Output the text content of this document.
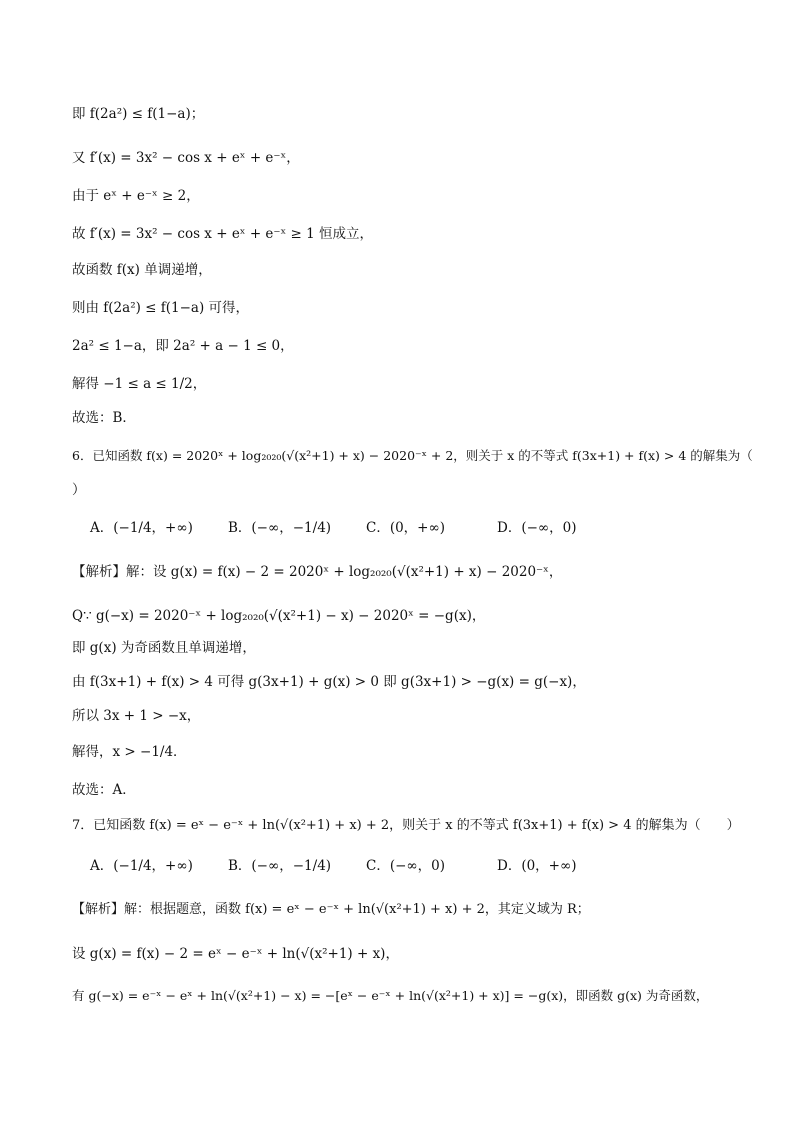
即 f(2a²) ≤ f(1−a)；
又 f′(x) = 3x² − cos x + eˣ + e⁻ˣ，
由于 eˣ + e⁻ˣ ≥ 2，
故 f′(x) = 3x² − cos x + eˣ + e⁻ˣ ≥ 1 恒成立，
故函数 f(x) 单调递增，
则由 f(2a²) ≤ f(1−a) 可得，
2a² ≤ 1−a，即 2a² + a − 1 ≤ 0，
解得 −1 ≤ a ≤ 1/2，
故选：B．
6．已知函数 f(x) = 2020ˣ + log₂₀₂₀(√(x²+1) + x) − 2020⁻ˣ + 2，则关于 x 的不等式 f(3x+1) + f(x) > 4 的解集为（
）
A．(−1/4，+∞)	B．(−∞，−1/4)	C．(0，+∞)	D．(−∞，0)
【解析】解：设 g(x) = f(x) − 2 = 2020ˣ + log₂₀₂₀(√(x²+1) + x) − 2020⁻ˣ，
Q∵ g(−x) = 2020⁻ˣ + log₂₀₂₀(√(x²+1) − x) − 2020ˣ = −g(x)，
即 g(x) 为奇函数且单调递增，
由 f(3x+1) + f(x) > 4 可得 g(3x+1) + g(x) > 0 即 g(3x+1) > −g(x) = g(−x)，
所以 3x + 1 > −x，
解得，x > −1/4．
故选：A．
7．已知函数 f(x) = eˣ − e⁻ˣ + ln(√(x²+1) + x) + 2，则关于 x 的不等式 f(3x+1) + f(x) > 4 的解集为（　　）
A．(−1/4，+∞)	B．(−∞，−1/4)	C．(−∞，0)	D．(0，+∞)
【解析】解：根据题意，函数 f(x) = eˣ − e⁻ˣ + ln(√(x²+1) + x) + 2，其定义域为 R；
设 g(x) = f(x) − 2 = eˣ − e⁻ˣ + ln(√(x²+1) + x)，
有 g(−x) = e⁻ˣ − eˣ + ln(√(x²+1) − x) = −[eˣ − e⁻ˣ + ln(√(x²+1) + x)] = −g(x)，即函数 g(x) 为奇函数，
